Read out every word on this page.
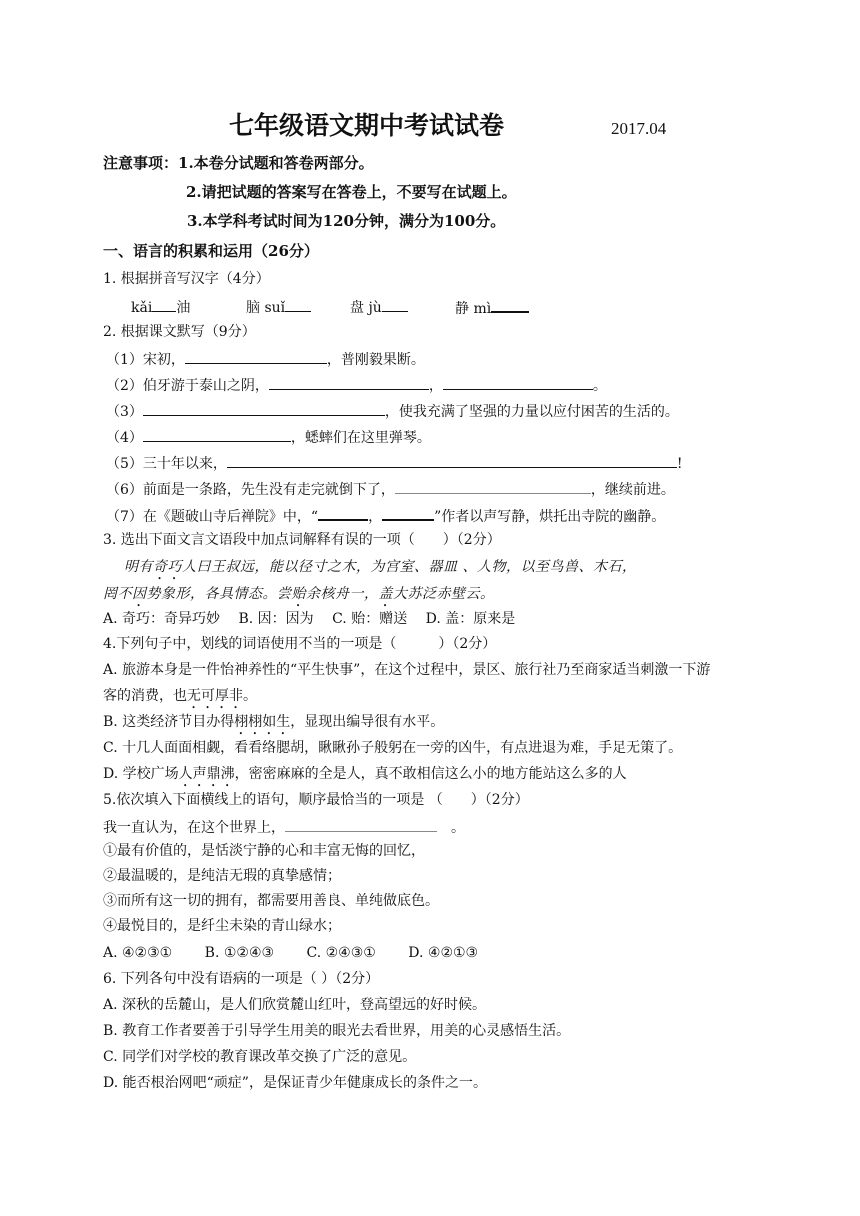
七年级语文期中考试试卷	2017.04
注意事项：1.本卷分试题和答卷两部分。
2.请把试题的答案写在答卷上，不要写在试题上。
3.本学科考试时间为120分钟，满分为100分。
一、语言的积累和运用（26分）
1. 根据拼音写汉字（4分）
kǎi 油	脑 suǐ	盘 jù	静 mì
2. 根据课文默写（9分）
（1）宋初，	，普刚毅果断。
（2）伯牙游于泰山之阴，	，	。
（3）	，使我充满了坚强的力量以应付困苦的生活的。
（4）	，蟋蟀们在这里弹琴。
（5）三十年以来，	!
（6）前面是一条路，先生没有走完就倒下了，	，继续前进。
（7）在《题破山寺后禅院》中，“	，	”作者以声写静，烘托出寺院的幽静。
3. 选出下面文言文语段中加点词解释有误的一项（　　）（2分）
明有奇巧人曰王叔远，能以径寸之木，为宫室、器皿 、人物，以至鸟兽、木石，
罔不因势象形，各具情态。尝贻余核舟一，盖大苏泛赤壁云。
A. 奇巧：奇异巧妙　 B. 因：因为　 C. 贻：赠送　 D. 盖：原来是
4.下列句子中，划线的词语使用不当的一项是（　　　）（2分）
A. 旅游本身是一件怡神养性的“平生快事”，在这个过程中，景区、旅行社乃至商家适当刺激一下游
客的消费，也无可厚非。
B. 这类经济节目办得栩栩如生，显现出编导很有水平。
C. 十几人面面相觑，看看络腮胡，瞅瞅孙子般躬在一旁的凶牛，有点进退为难，手足无策了。
D. 学校广场人声鼎沸，密密麻麻的全是人，真不敢相信这么小的地方能站这么多的人
5.依次填入下面横线上的语句，顺序最恰当的一项是 （　　）（2分）
我一直认为，在这个世界上，	。
①最有价值的，是恬淡宁静的心和丰富无悔的回忆，
②最温暖的，是纯洁无瑕的真挚感情；
③而所有这一切的拥有，都需要用善良、单纯做底色。
④最悦目的，是纤尘未染的青山绿水；
A. ④②③①　　 B. ①②④③　　 C. ②④③①　　 D. ④②①③
6. 下列各句中没有语病的一项是（ ）（2分）
A. 深秋的岳麓山，是人们欣赏麓山红叶，登高望远的好时候。
B. 教育工作者要善于引导学生用美的眼光去看世界，用美的心灵感悟生活。
C. 同学们对学校的教育课改革交换了广泛的意见。
D. 能否根治网吧“顽症”，是保证青少年健康成长的条件之一。
